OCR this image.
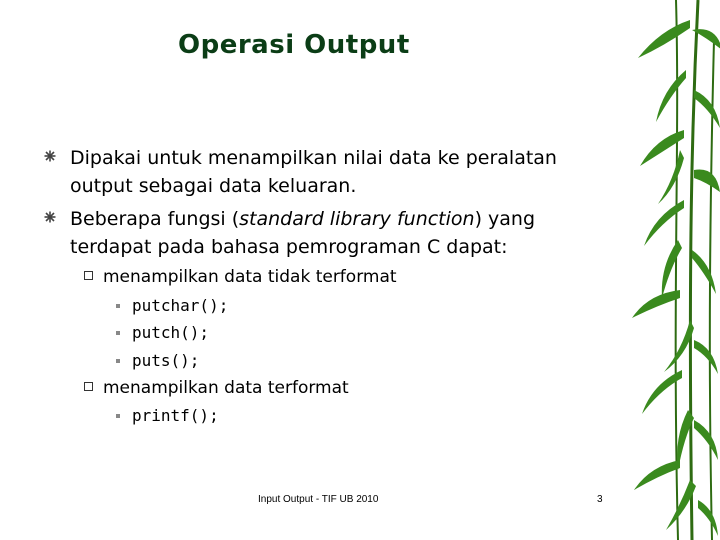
Operasi Output
Dipakai untuk menampilkan nilai data ke peralatan output sebagai data keluaran.
Beberapa fungsi (standard library function) yang terdapat pada bahasa pemrograman C dapat:
menampilkan data tidak terformat
putchar();
putch();
puts();
menampilkan data terformat
printf();
Input Output - TIF UB 2010	3
